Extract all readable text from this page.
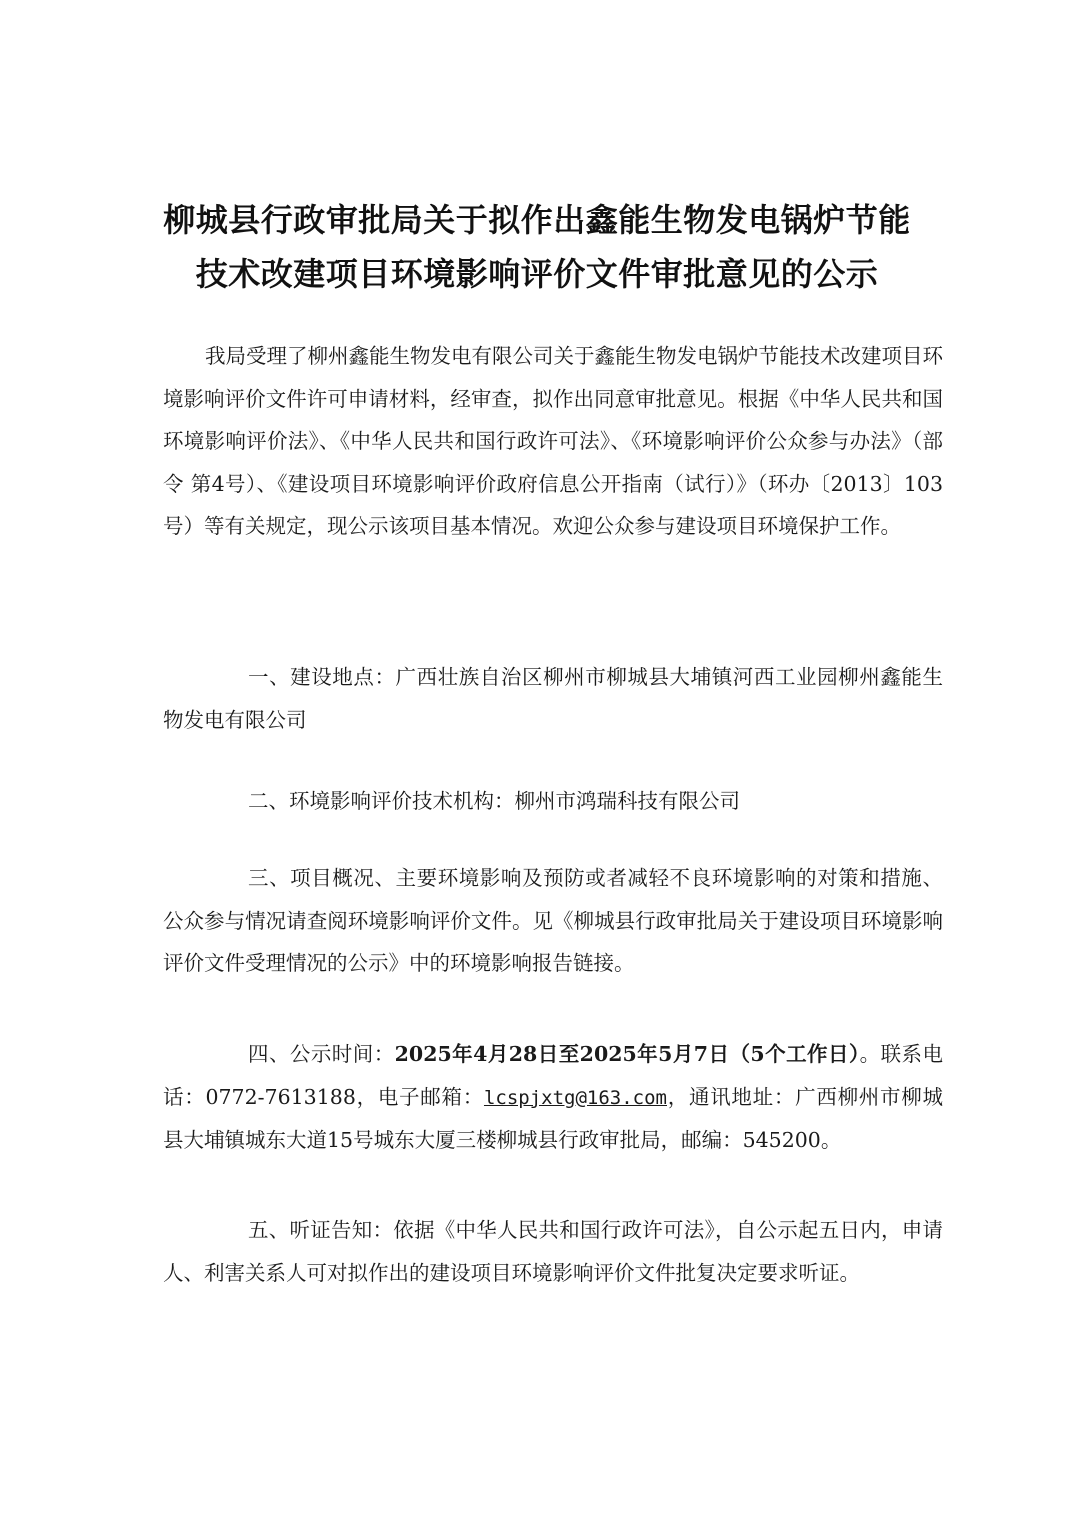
柳城县行政审批局关于拟作出鑫能生物发电锅炉节能
技术改建项目环境影响评价文件审批意见的公示

我局受理了柳州鑫能生物发电有限公司关于鑫能生物发电锅炉节能技术改建项目环境影响评价文件许可申请材料，经审查，拟作出同意审批意见。根据《中华人民共和国环境影响评价法》、《中华人民共和国行政许可法》、《环境影响评价公众参与办法》（部令 第4号）、《建设项目环境影响评价政府信息公开指南（试行）》（环办〔2013〕103号）等有关规定，现公示该项目基本情况。欢迎公众参与建设项目环境保护工作。

一、建设地点：广西壮族自治区柳州市柳城县大埔镇河西工业园柳州鑫能生物发电有限公司

二、环境影响评价技术机构：柳州市鸿瑞科技有限公司

三、项目概况、主要环境影响及预防或者减轻不良环境影响的对策和措施、公众参与情况请查阅环境影响评价文件。见《柳城县行政审批局关于建设项目环境影响评价文件受理情况的公示》中的环境影响报告链接。

四、公示时间：2025年4月28日至2025年5月7日（5个工作日）。联系电话：0772-7613188，电子邮箱：lcspjxtg@163.com，通讯地址：广西柳州市柳城县大埔镇城东大道15号城东大厦三楼柳城县行政审批局，邮编：545200。

五、听证告知：依据《中华人民共和国行政许可法》，自公示起五日内，申请人、利害关系人可对拟作出的建设项目环境影响评价文件批复决定要求听证。
